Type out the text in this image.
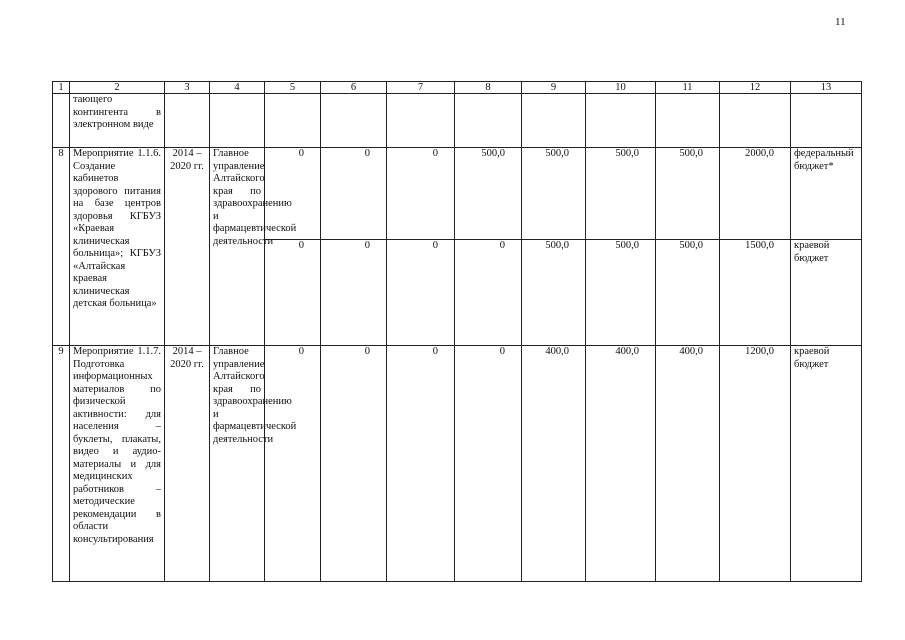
11
1	2	3	4	5	6	7	8	9	10	11	12	13
	тающего контингента в электронном виде											
8	Мероприятие 1.1.6. Создание кабинетов здорового питания на базе центров здоровья КГБУЗ «Краевая клиническая больница»; КГБУЗ «Алтайская краевая клиническая детская больница»	2014 – 2020 гг.	Главное управление Алтайского края по здравоохранению и фармацевтической деятельности	0	0	0	500,0	500,0	500,0	500,0	2000,0	федеральный бюджет*
				0	0	0	0	500,0	500,0	500,0	1500,0	краевой бюджет
9	Мероприятие 1.1.7. Подготовка информационных материалов по физической активности: для населения – буклеты, плакаты, видео и аудио-материалы и для медицинских работников – методические рекомендации в области консультирования	2014 – 2020 гг.	Главное управление Алтайского края по здравоохранению и фармацевтической деятельности	0	0	0	0	400,0	400,0	400,0	1200,0	краевой бюджет
